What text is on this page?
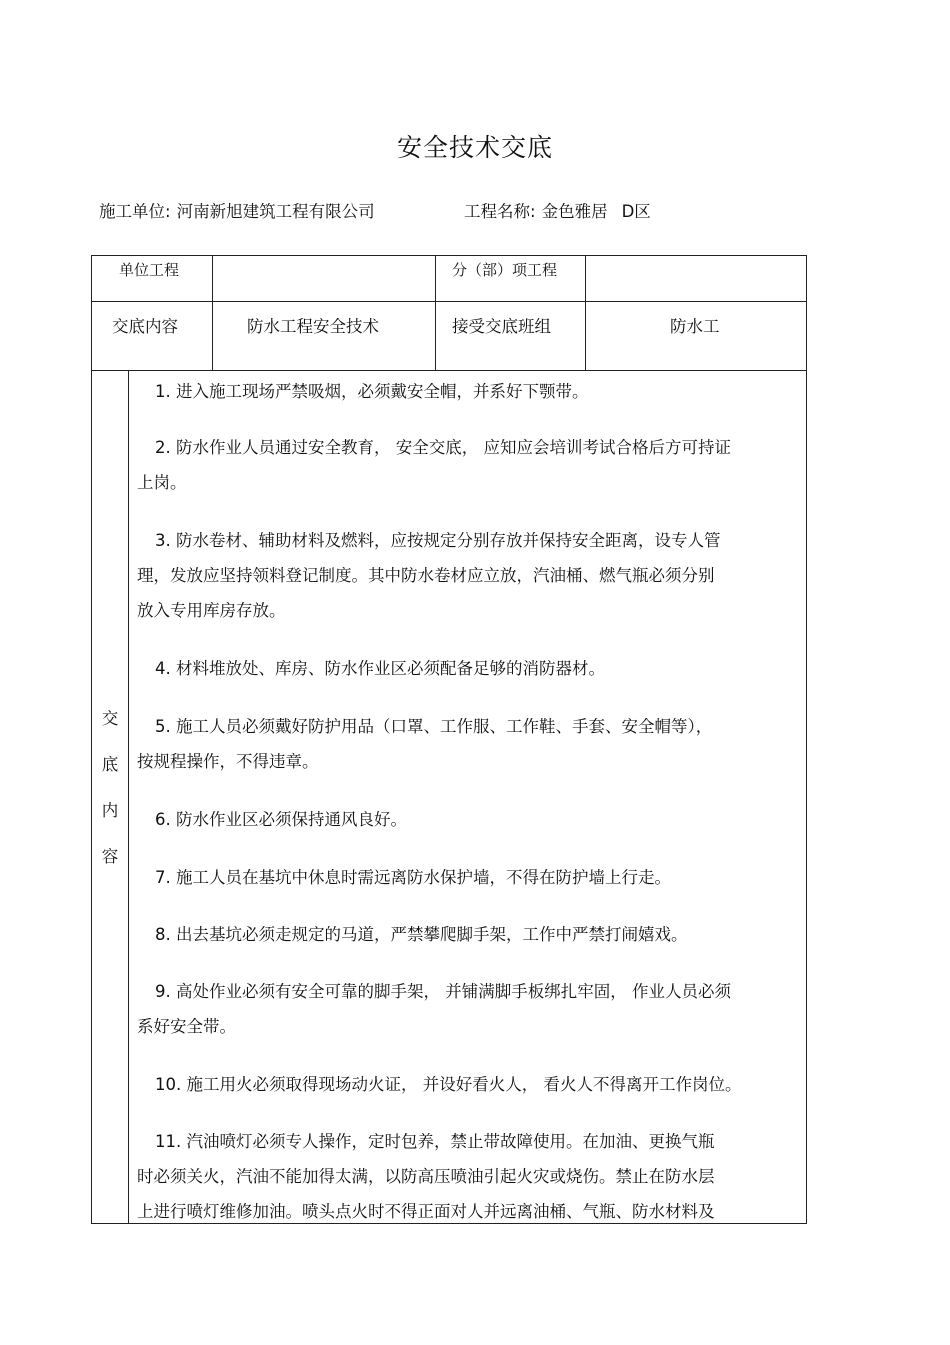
安全技术交底
施工单位: 河南新旭建筑工程有限公司	工程名称: 金色雅居 D区
单位工程	分（部）项工程
交底内容	防水工程安全技术	接受交底班组	防水工
交
底
内
容
1. 进入施工现场严禁吸烟，必须戴安全帽，并系好下颚带。
2. 防水作业人员通过安全教育， 安全交底， 应知应会培训考试合格后方可持证
上岗。
3. 防水卷材、辅助材料及燃料，应按规定分别存放并保持安全距离，设专人管
理，发放应坚持领料登记制度。其中防水卷材应立放，汽油桶、燃气瓶必须分别
放入专用库房存放。
4. 材料堆放处、库房、防水作业区必须配备足够的消防器材。
5. 施工人员必须戴好防护用品（口罩、工作服、工作鞋、手套、安全帽等），
按规程操作，不得违章。
6. 防水作业区必须保持通风良好。
7. 施工人员在基坑中休息时需远离防水保护墙，不得在防护墙上行走。
8. 出去基坑必须走规定的马道，严禁攀爬脚手架，工作中严禁打闹嬉戏。
9. 高处作业必须有安全可靠的脚手架， 并铺满脚手板绑扎牢固， 作业人员必须
系好安全带。
10. 施工用火必须取得现场动火证， 并设好看火人， 看火人不得离开工作岗位。
11. 汽油喷灯必须专人操作，定时包养，禁止带故障使用。在加油、更换气瓶
时必须关火，汽油不能加得太满，以防高压喷油引起火灾或烧伤。禁止在防水层
上进行喷灯维修加油。喷头点火时不得正面对人并远离油桶、气瓶、防水材料及
